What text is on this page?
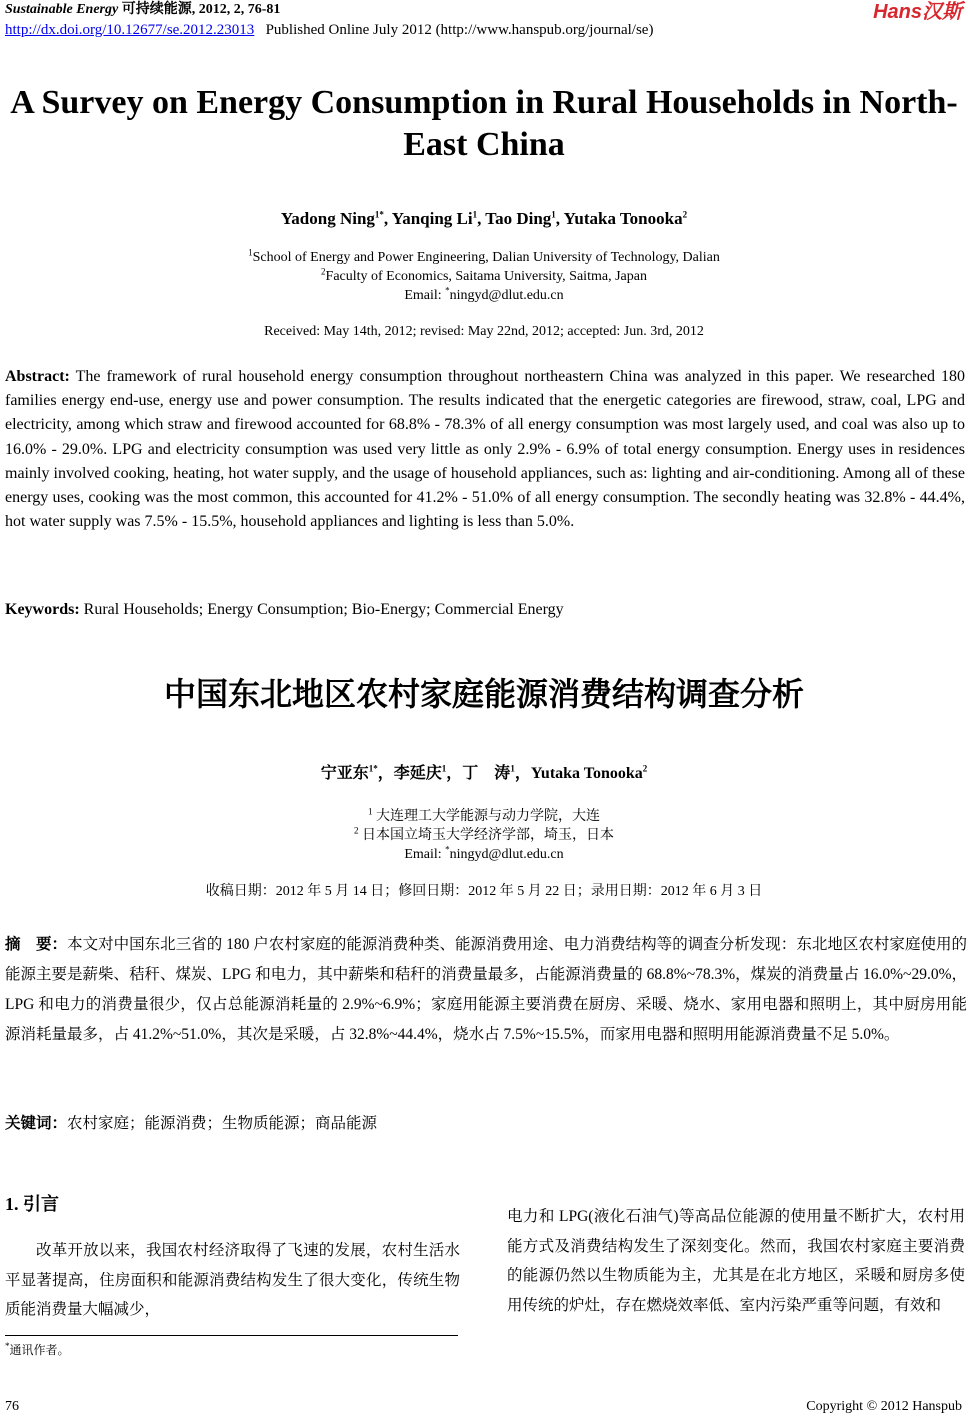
Sustainable Energy 可持续能源, 2012, 2, 76-81
http://dx.doi.org/10.12677/se.2012.23013 Published Online July 2012 (http://www.hanspub.org/journal/se)
Hans汉斯
A Survey on Energy Consumption in Rural Households in North-East China
Yadong Ning$^{1*}$, Yanqing Li$^1$, Tao Ding$^1$, Yutaka Tonooka$^2$
$^1$School of Energy and Power Engineering, Dalian University of Technology, Dalian
$^2$Faculty of Economics, Saitama University, Saitma, Japan
Email: *ningyd@dlut.edu.cn
Received: May 14th, 2012; revised: May 22nd, 2012; accepted: Jun. 3rd, 2012
Abstract: The framework of rural household energy consumption throughout northeastern China was analyzed in this paper. We researched 180 families energy end-use, energy use and power consumption. The results indicated that the energetic categories are firewood, straw, coal, LPG and electricity, among which straw and firewood accounted for 68.8% - 78.3% of all energy consumption was most largely used, and coal was also up to 16.0% - 29.0%. LPG and electricity consumption was used very little as only 2.9% - 6.9% of total energy consumption. Energy uses in residences mainly involved cooking, heating, hot water supply, and the usage of household appliances, such as: lighting and air-conditioning. Among all of these energy uses, cooking was the most common, this accounted for 41.2% - 51.0% of all energy consumption. The secondly heating was 32.8% - 44.4%, hot water supply was 7.5% - 15.5%, household appliances and lighting is less than 5.0%.
Keywords: Rural Households; Energy Consumption; Bio-Energy; Commercial Energy
中国东北地区农村家庭能源消费结构调查分析
宁亚东$^{1*}$，李延庆$^1$，丁　涛$^1$，Yutaka Tonooka$^2$
$^1$ 大连理工大学能源与动力学院，大连
$^2$ 日本国立埼玉大学经济学部，埼玉，日本
Email: *ningyd@dlut.edu.cn
收稿日期：2012 年 5 月 14 日；修回日期：2012 年 5 月 22 日；录用日期：2012 年 6 月 3 日
摘　要：本文对中国东北三省的 180 户农村家庭的能源消费种类、能源消费用途、电力消费结构等的调查分析发现：东北地区农村家庭使用的能源主要是薪柴、秸秆、煤炭、LPG 和电力，其中薪柴和秸秆的消费量最多，占能源消费量的 68.8%~78.3%，煤炭的消费量占 16.0%~29.0%，LPG 和电力的消费量很少，仅占总能源消耗量的 2.9%~6.9%；家庭用能源主要消费在厨房、采暖、烧水、家用电器和照明上，其中厨房用能源消耗量最多，占 41.2%~51.0%，其次是采暖，占 32.8%~44.4%，烧水占 7.5%~15.5%，而家用电器和照明用能源消费量不足 5.0%。
关键词：农村家庭；能源消费；生物质能源；商品能源
1. 引言
改革开放以来，我国农村经济取得了飞速的发展，农村生活水平显著提高，住房面积和能源消费结构发生了很大变化，传统生物质能消费量大幅减少，
电力和 LPG(液化石油气)等高品位能源的使用量不断扩大，农村用能方式及消费结构发生了深刻变化。然而，我国农村家庭主要消费的能源仍然以生物质能为主，尤其是在北方地区，采暖和厨房多使用传统的炉灶，存在燃烧效率低、室内污染严重等问题，有效和
*通讯作者。
76	Copyright © 2012 Hanspub
